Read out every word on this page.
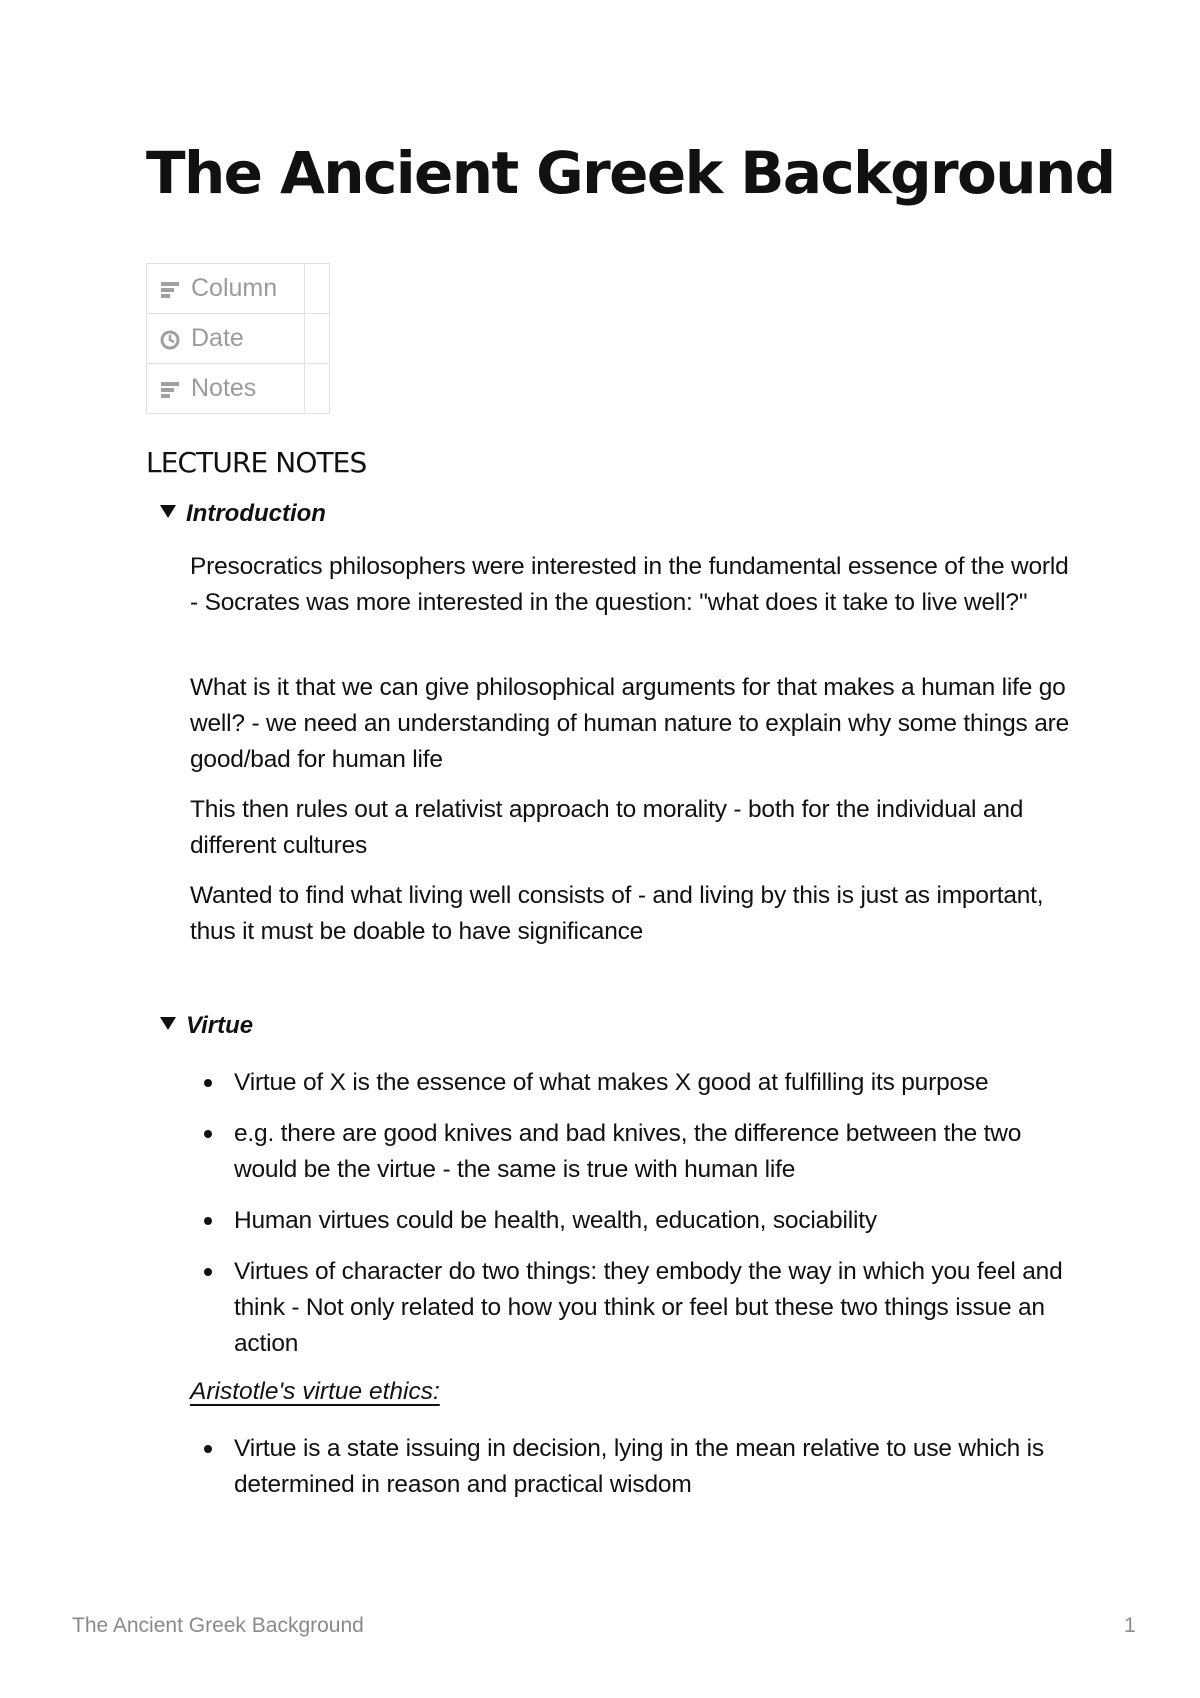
The Ancient Greek Background
Column	
Date	
Notes	
LECTURE NOTES
Introduction

Presocratics philosophers were interested in the fundamental essence of the world - Socrates was more interested in the question: "what does it take to live well?"

What is it that we can give philosophical arguments for that makes a human life go well? - we need an understanding of human nature to explain why some things are good/bad for human life

This then rules out a relativist approach to morality - both for the individual and different cultures

Wanted to find what living well consists of - and living by this is just as important, thus it must be doable to have significance

Virtue
Virtue of X is the essence of what makes X good at fulfilling its purpose
e.g. there are good knives and bad knives, the difference between the two would be the virtue - the same is true with human life
Human virtues could be health, wealth, education, sociability
Virtues of character do two things: they embody the way in which you feel and think - Not only related to how you think or feel but these two things issue an action

Aristotle's virtue ethics:

Virtue is a state issuing in decision, lying in the mean relative to use which is determined in reason and practical wisdom
The Ancient Greek Background	1
